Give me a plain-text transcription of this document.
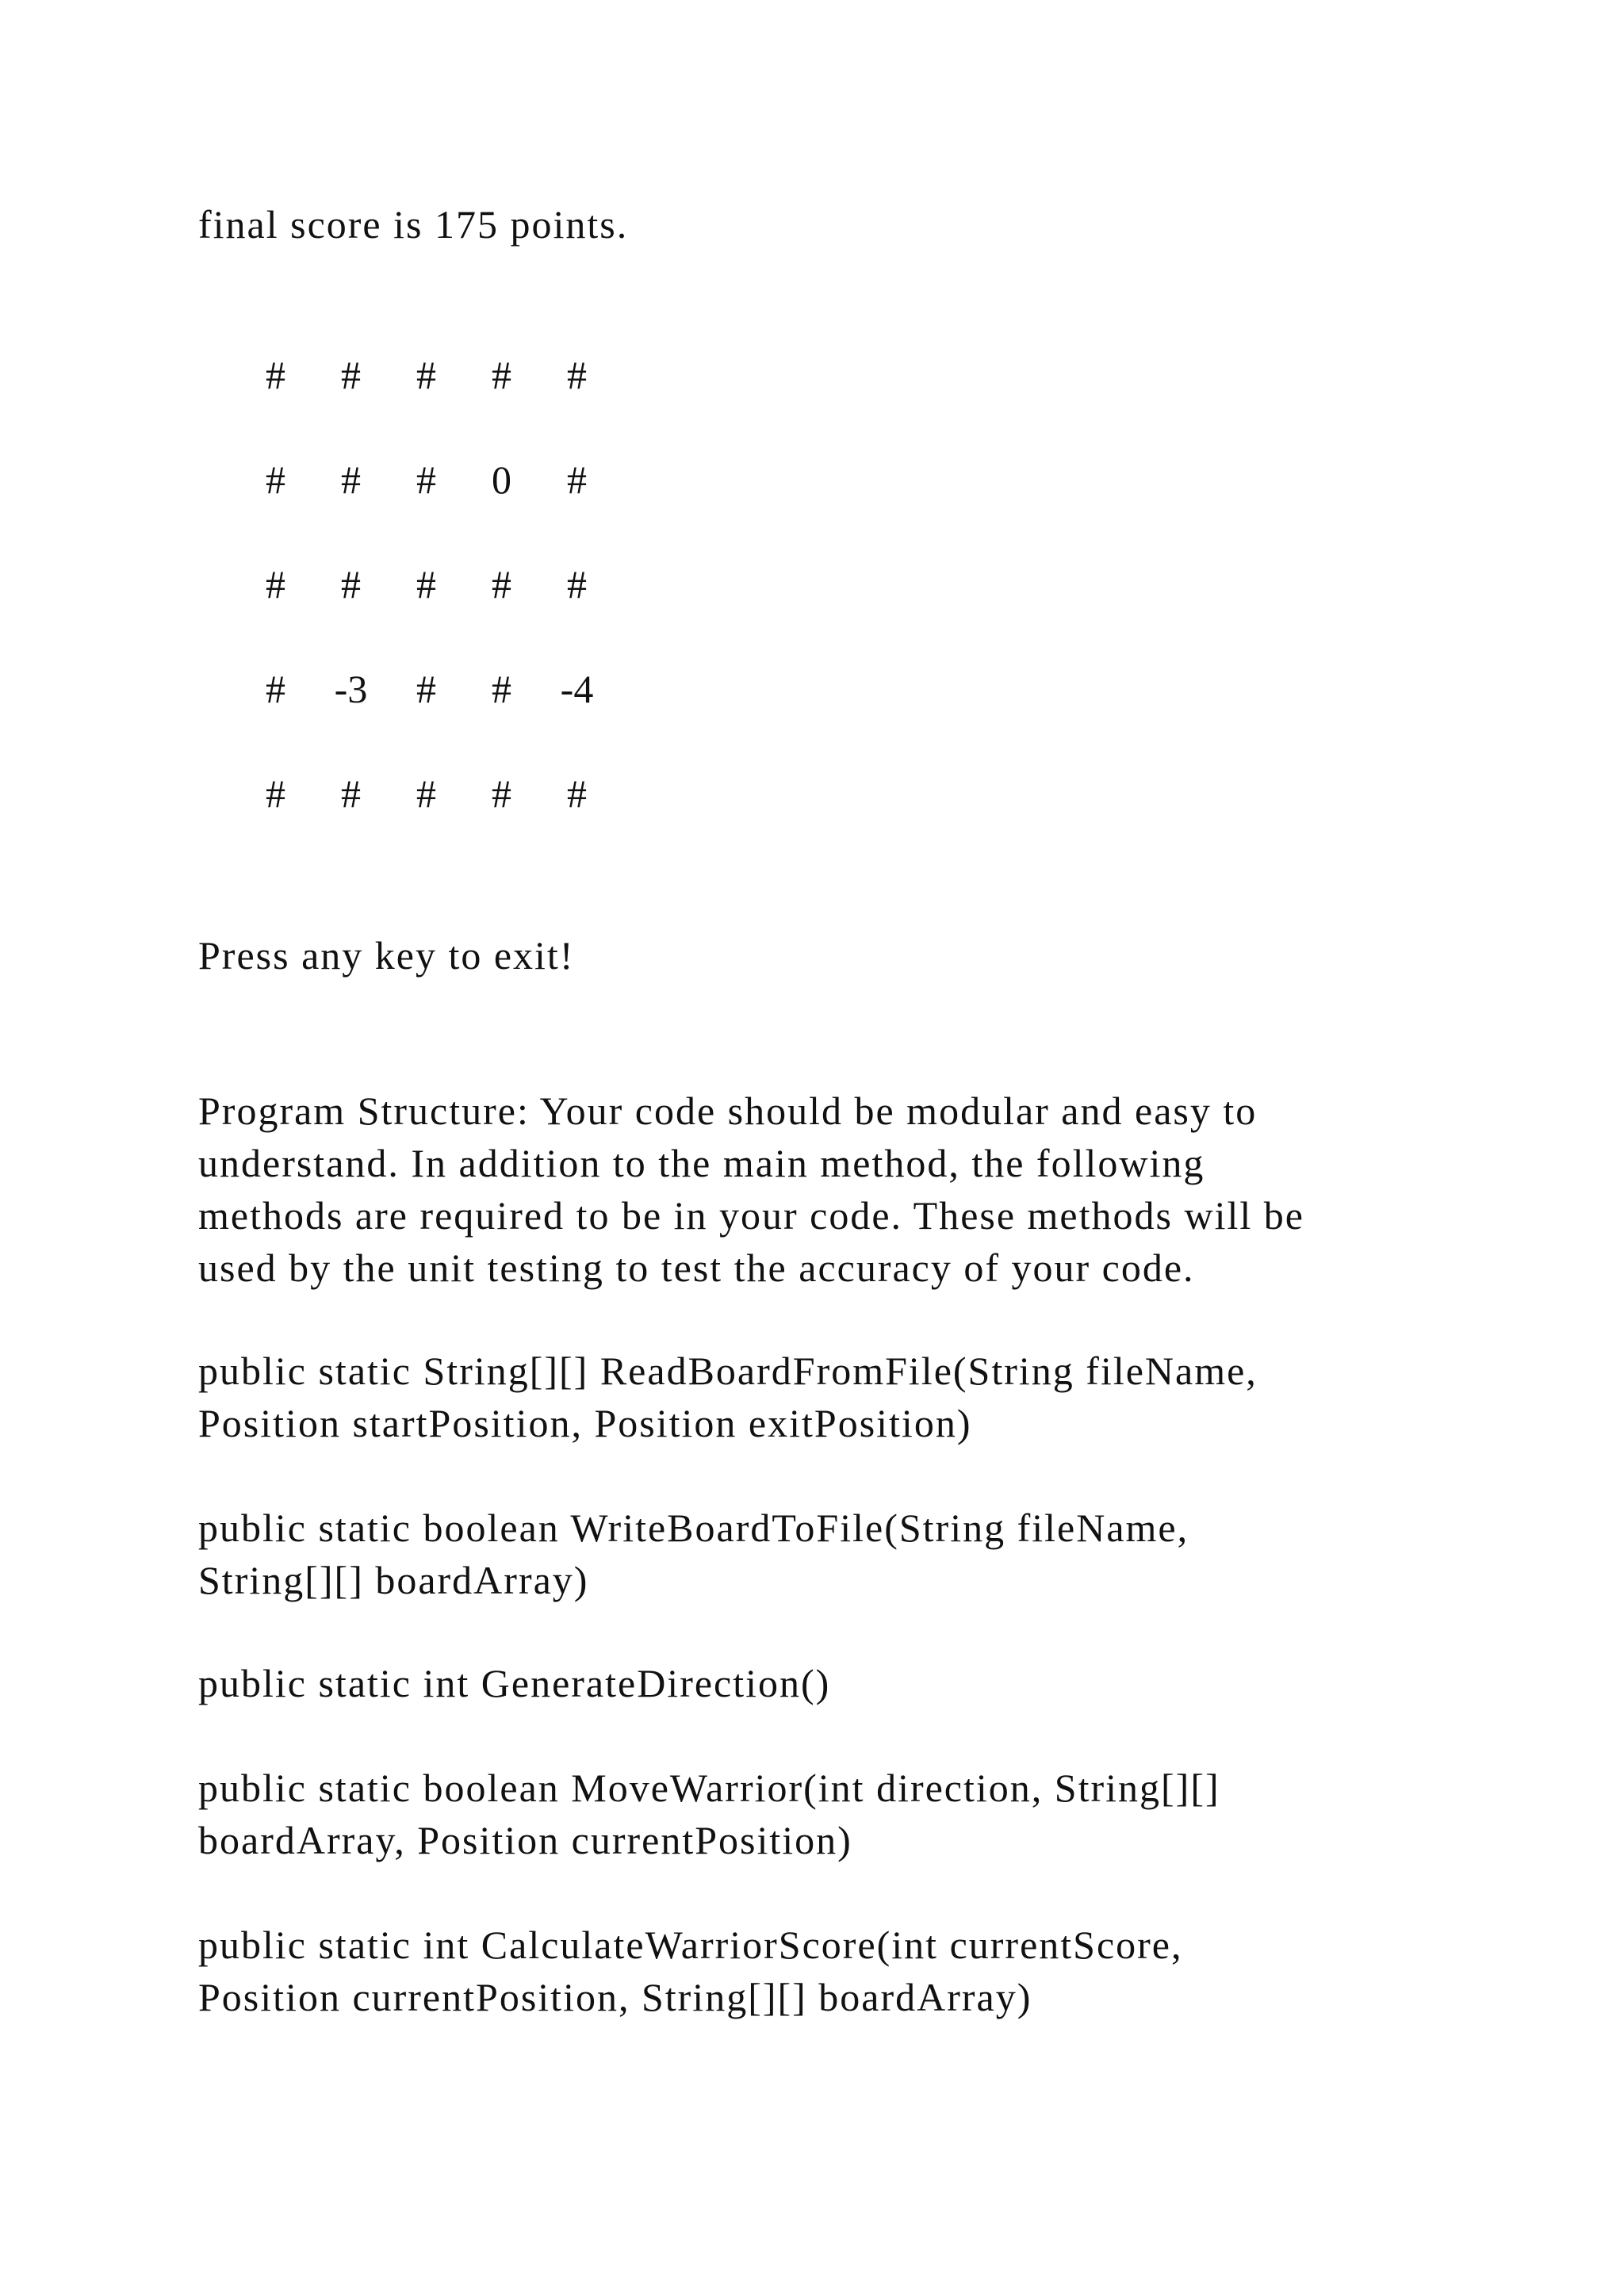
final score is 175 points.
#	#	#	#	#
#	#	#	0	#
#	#	#	#	#
#	-3	#	#	-4
#	#	#	#	#
Press any key to exit!
Program Structure: Your code should be modular and easy to
understand. In addition to the main method, the following
methods are required to be in your code. These methods will be
used by the unit testing to test the accuracy of your code.
public static String[][] ReadBoardFromFile(String fileName,
Position startPosition, Position exitPosition)
public static boolean WriteBoardToFile(String fileName,
String[][] boardArray)
public static int GenerateDirection()
public static boolean MoveWarrior(int direction, String[][]
boardArray, Position currentPosition)
public static int CalculateWarriorScore(int currentScore,
Position currentPosition, String[][] boardArray)
